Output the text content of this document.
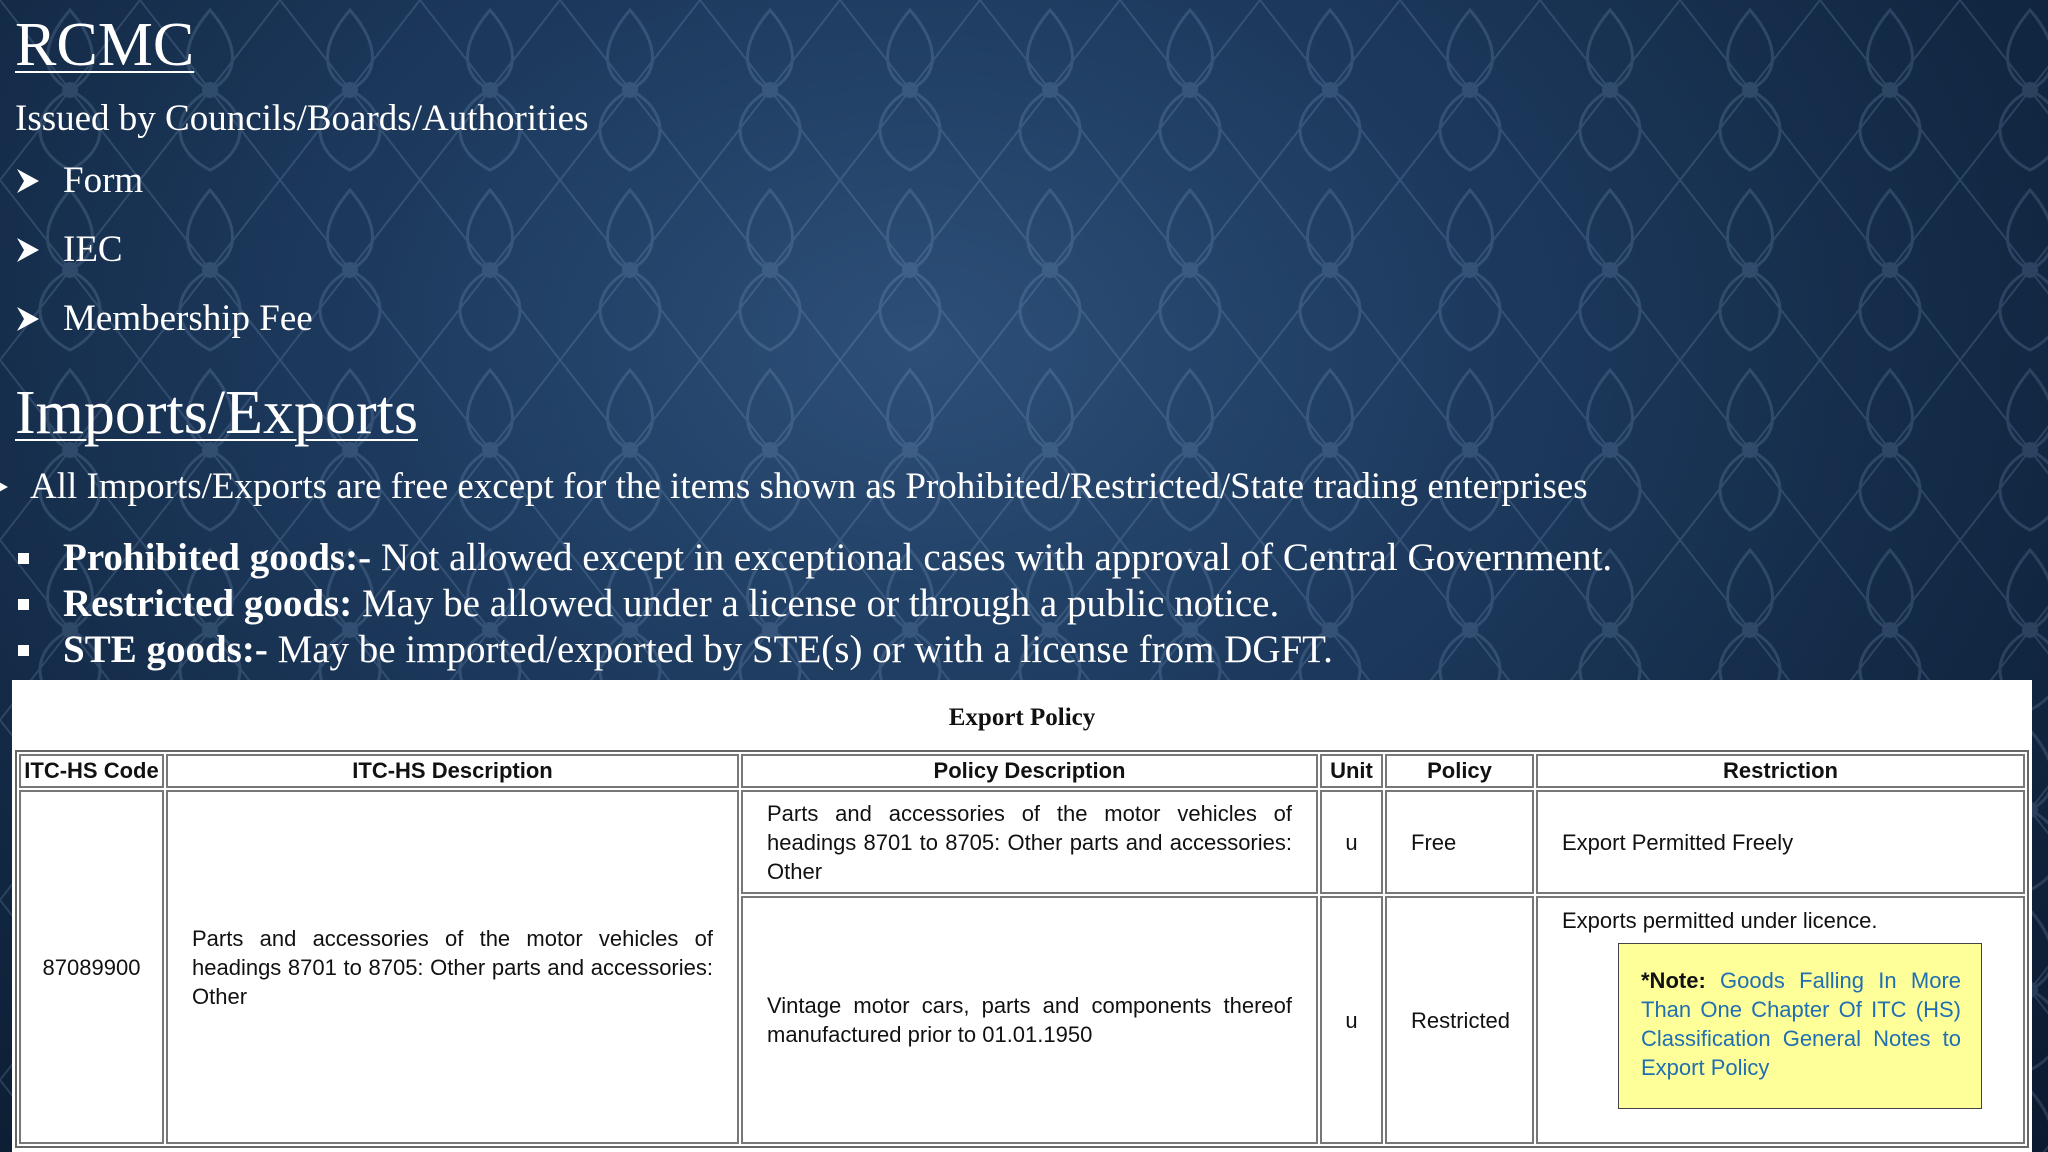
RCMC
Issued by Councils/Boards/Authorities
Form
IEC
Membership Fee
Imports/Exports
All Imports/Exports are free except for the items shown as Prohibited/Restricted/State trading enterprises
Prohibited goods:- Not allowed except in exceptional cases with approval of Central Government.
Restricted goods: May be allowed under a license or through a public notice.
STE goods:- May be imported/exported by STE(s) or with a license from DGFT.
Export Policy
ITC-HS Code	ITC-HS Description	Policy Description	Unit	Policy	Restriction
87089900	Parts and accessories of the motor vehicles of headings 8701 to 8705: Other parts and accessories: Other	Parts and accessories of the motor vehicles of headings 8701 to 8705: Other parts and accessories: Other	u	Free	Export Permitted Freely
		Vintage motor cars, parts and components thereof manufactured prior to 01.01.1950	u	Restricted	Exports permitted under licence.
*Note: Goods Falling In More Than One Chapter Of ITC (HS) Classification General Notes to Export Policy
